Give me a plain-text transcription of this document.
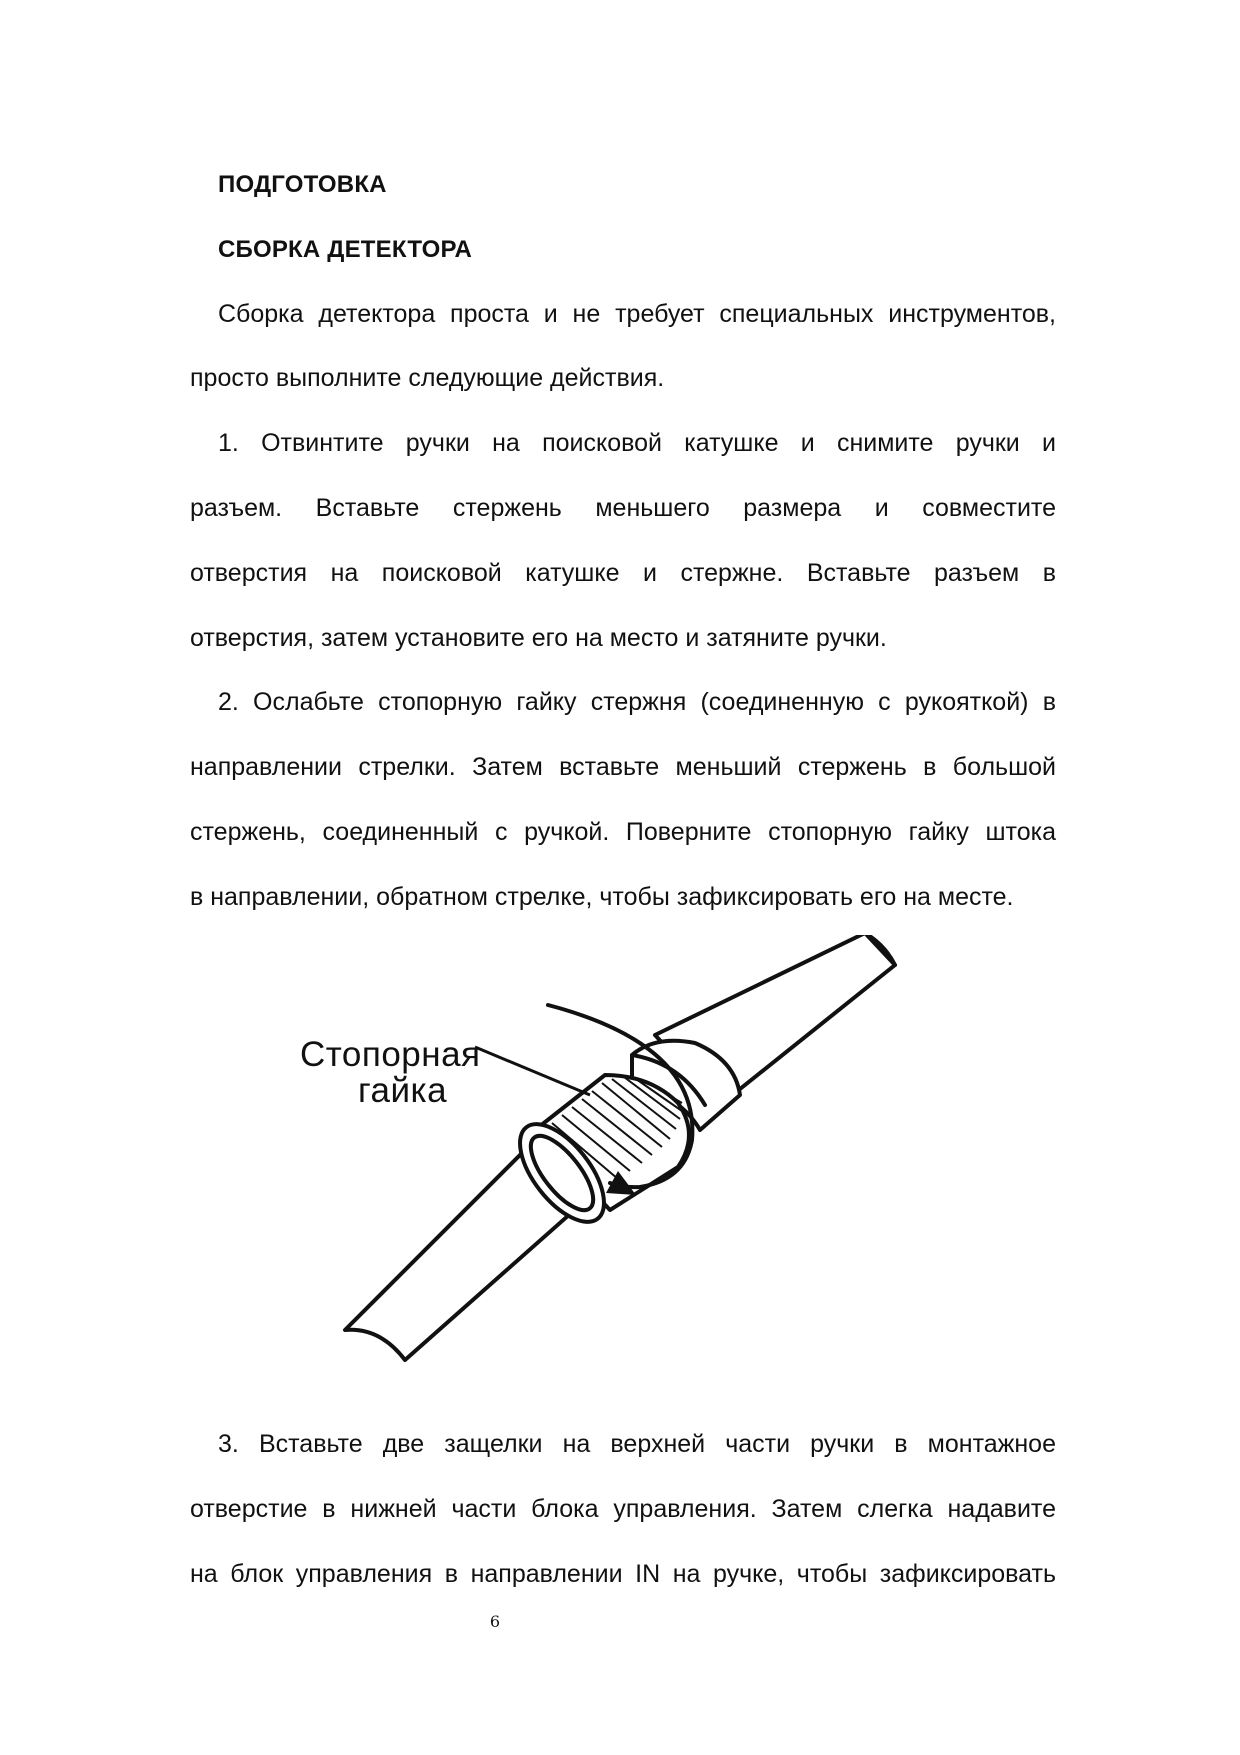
ПОДГОТОВКА
СБОРКА ДЕТЕКТОРА

Сборка детектора проста и не требует специальных инструментов,

просто выполните следующие действия.

1. Отвинтите ручки на поисковой катушке и снимите ручки и

разъем. Вставьте стержень меньшего размера и совместите

отверстия на поисковой катушке и стержне. Вставьте разъем в

отверстия, затем установите его на место и затяните ручки.

2. Ослабьте стопорную гайку стержня (соединенную с рукояткой) в

направлении стрелки. Затем вставьте меньший стержень в большой

стержень, соединенный с ручкой. Поверните стопорную гайку штока

в направлении, обратном стрелке, чтобы зафиксировать его на месте.

Стопорная
гайка

3. Вставьте две защелки на верхней части ручки в монтажное

отверстие в нижней части блока управления. Затем слегка надавите

на блок управления в направлении IN на ручке, чтобы зафиксировать

6
